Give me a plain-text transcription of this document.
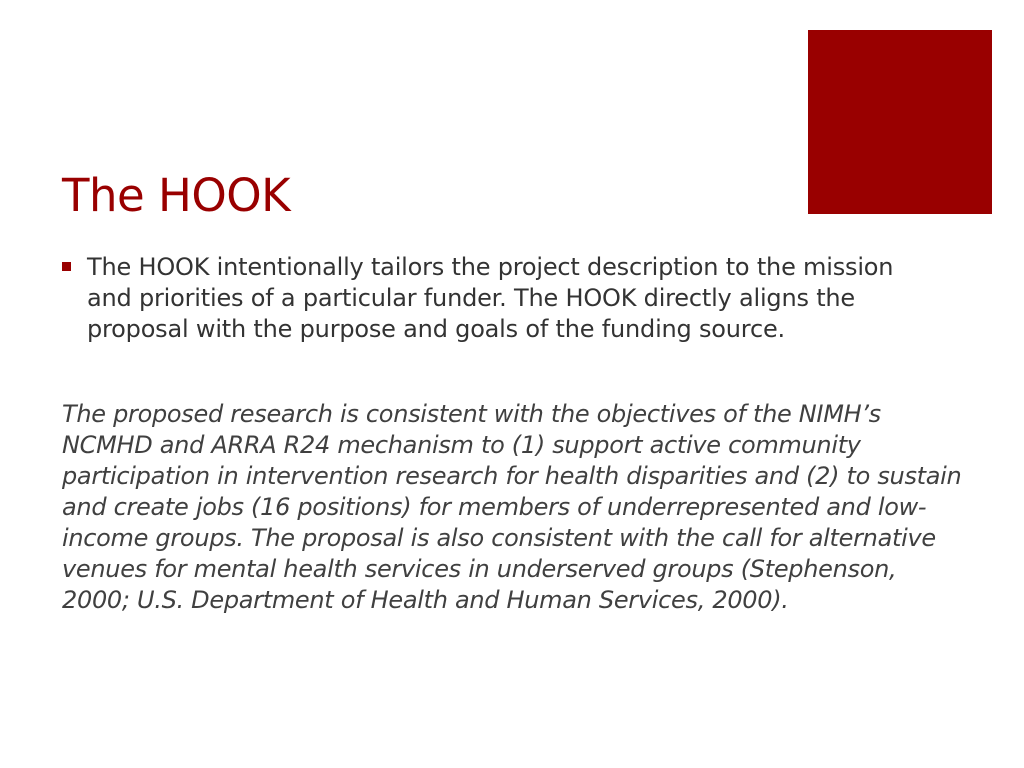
The HOOK
The HOOK intentionally tailors the project description to the mission and priorities of a particular funder. The HOOK directly aligns the proposal with the purpose and goals of the funding source.

The proposed research is consistent with the objectives of the NIMH’s NCMHD and ARRA R24 mechanism to (1) support active community participation in intervention research for health disparities and (2) to sustain and create jobs (16 positions) for members of underrepresented and low-income groups. The proposal is also consistent with the call for alternative venues for mental health services in underserved groups (Stephenson, 2000; U.S. Department of Health and Human Services, 2000).
